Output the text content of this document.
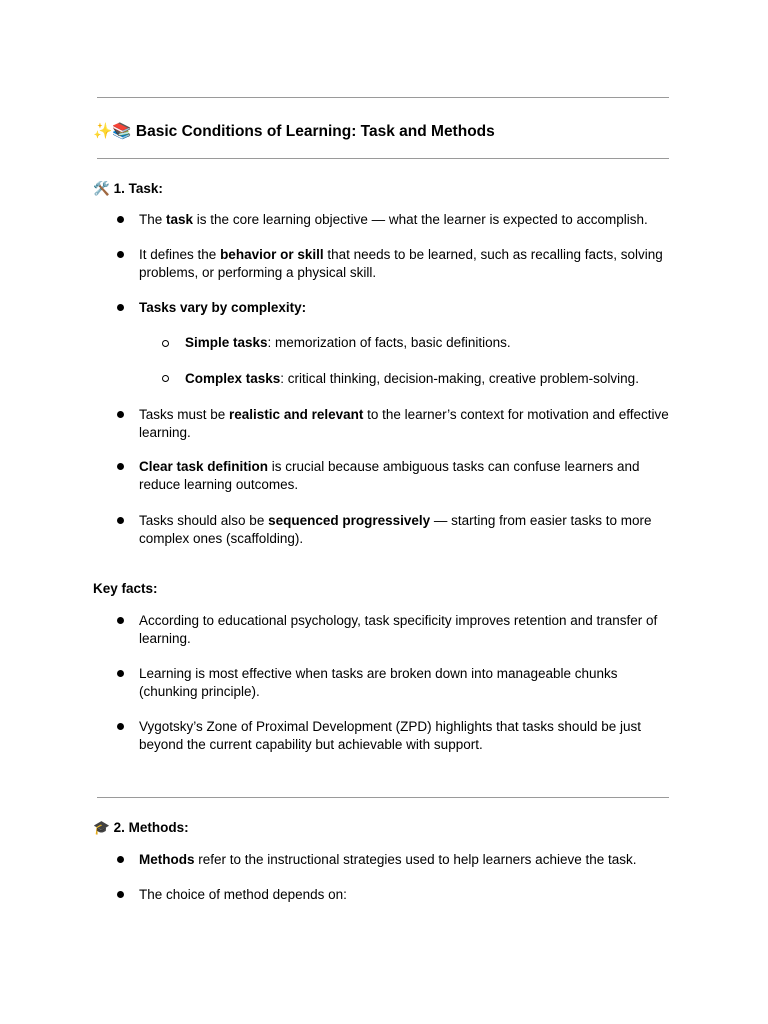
✨📚 Basic Conditions of Learning: Task and Methods
🛠️ 1. Task:
The task is the core learning objective — what the learner is expected to accomplish.
It defines the behavior or skill that needs to be learned, such as recalling facts, solving problems, or performing a physical skill.
Tasks vary by complexity:
Simple tasks: memorization of facts, basic definitions.
Complex tasks: critical thinking, decision-making, creative problem-solving.
Tasks must be realistic and relevant to the learner’s context for motivation and effective learning.
Clear task definition is crucial because ambiguous tasks can confuse learners and reduce learning outcomes.
Tasks should also be sequenced progressively — starting from easier tasks to more complex ones (scaffolding).
Key facts:
According to educational psychology, task specificity improves retention and transfer of learning.
Learning is most effective when tasks are broken down into manageable chunks (chunking principle).
Vygotsky’s Zone of Proximal Development (ZPD) highlights that tasks should be just beyond the current capability but achievable with support.
🎓 2. Methods:
Methods refer to the instructional strategies used to help learners achieve the task.
The choice of method depends on:
